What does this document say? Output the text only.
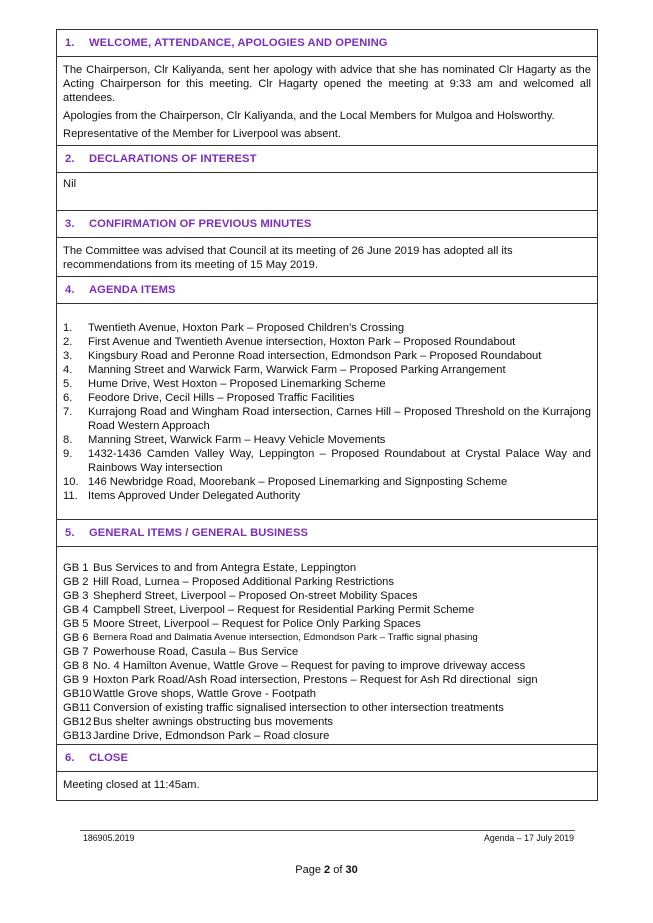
1.	WELCOME, ATTENDANCE, APOLOGIES AND OPENING

The Chairperson, Clr Kaliyanda, sent her apology with advice that she has nominated Clr Hagarty as the Acting Chairperson for this meeting. Clr Hagarty opened the meeting at 9:33 am and welcomed all attendees.

Apologies from the Chairperson, Clr Kaliyanda, and the Local Members for Mulgoa and Holsworthy.

Representative of the Member for Liverpool was absent.

2.	DECLARATIONS OF INTEREST
Nil
3.	CONFIRMATION OF PREVIOUS MINUTES

The Committee was advised that Council at its meeting of 26 June 2019 has adopted all its recommendations from its meeting of 15 May 2019.

4.	AGENDA ITEMS
1.	Twentieth Avenue, Hoxton Park – Proposed Children’s Crossing
2.	First Avenue and Twentieth Avenue intersection, Hoxton Park – Proposed Roundabout
3.	Kingsbury Road and Peronne Road intersection, Edmondson Park – Proposed Roundabout
4.	Manning Street and Warwick Farm, Warwick Farm – Proposed Parking Arrangement
5.	Hume Drive, West Hoxton – Proposed Linemarking Scheme
6.	Feodore Drive, Cecil Hills – Proposed Traffic Facilities
7.	Kurrajong Road and Wingham Road intersection, Carnes Hill – Proposed Threshold on the Kurrajong Road Western Approach
8.	Manning Street, Warwick Farm – Heavy Vehicle Movements
9.	1432-1436 Camden Valley Way, Leppington – Proposed Roundabout at Crystal Palace Way and Rainbows Way intersection
10. 146 Newbridge Road, Moorebank – Proposed Linemarking and Signposting Scheme
11. Items Approved Under Delegated Authority
5.	GENERAL ITEMS / GENERAL BUSINESS
GB 1 Bus Services to and from Antegra Estate, Leppington
GB 2 Hill Road, Lurnea – Proposed Additional Parking Restrictions
GB 3 Shepherd Street, Liverpool – Proposed On-street Mobility Spaces
GB 4 Campbell Street, Liverpool – Request for Residential Parking Permit Scheme
GB 5 Moore Street, Liverpool – Request for Police Only Parking Spaces
GB 6 Bernera Road and Dalmatia Avenue intersection, Edmondson Park – Traffic signal phasing
GB 7 Powerhouse Road, Casula – Bus Service
GB 8 No. 4 Hamilton Avenue, Wattle Grove – Request for paving to improve driveway access
GB 9 Hoxton Park Road/Ash Road intersection, Prestons – Request for Ash Rd directional  sign
GB10 Wattle Grove shops, Wattle Grove - Footpath
GB11 Conversion of existing traffic signalised intersection to other intersection treatments
GB12 Bus shelter awnings obstructing bus movements
GB13 Jardine Drive, Edmondson Park – Road closure
6.	CLOSE
Meeting closed at 11:45am.
186905.2019	Agenda – 17 July 2019
Page 2 of 30
